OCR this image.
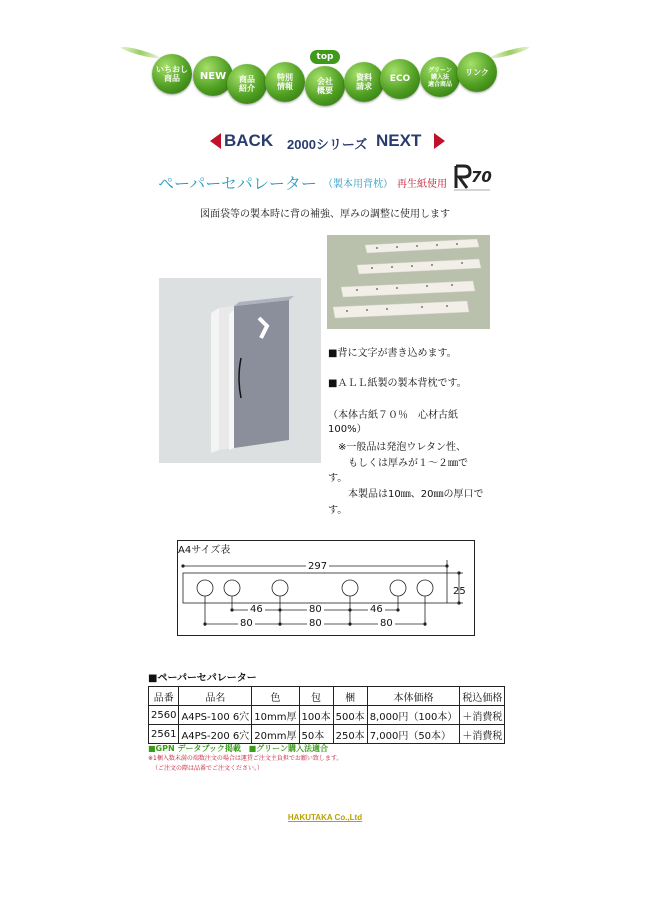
top
いちおし
商品	NEW 商品
紹介
特別
情報
会社
概要
資料
請求
ECO
グリーン
購入法
適合商品
リンク
BACK 2000シリーズ NEXT
ペーパーセパレーター （製本用背枕） 再生紙使用 70
図面袋等の製本時に背の補強、厚みの調整に使用します
■背に文字が書き込めます。
■ＡＬＬ紙製の製本背枕です。
（本体古紙７０％　心材古紙
100%）
　※一般品は発泡ウレタン性、
　　もしくは厚みが１～２㎜で
す。
　　本製品は10㎜、20㎜の厚口で
す。
A4サイズ表
297
25
46	80	46
80	80	80
■ペーパーセパレーター
品番	品名	色	包	梱	本体価格	税込価格
2560	A4PS-100 6穴	10mm厚	100本	500本	8,000円（100本）	＋消費税
2561	A4PS-200 6穴	20mm厚	50本	250本	7,000円（50本）	＋消費税
■GPN データブック掲載 ■グリーン購入法適合
※1梱入数未満の端数注文の場合は運賃ご注文主負担でお願い致します。
（ご注文の際は品番でご注文ください。）
HAKUTAKA Co.,Ltd
